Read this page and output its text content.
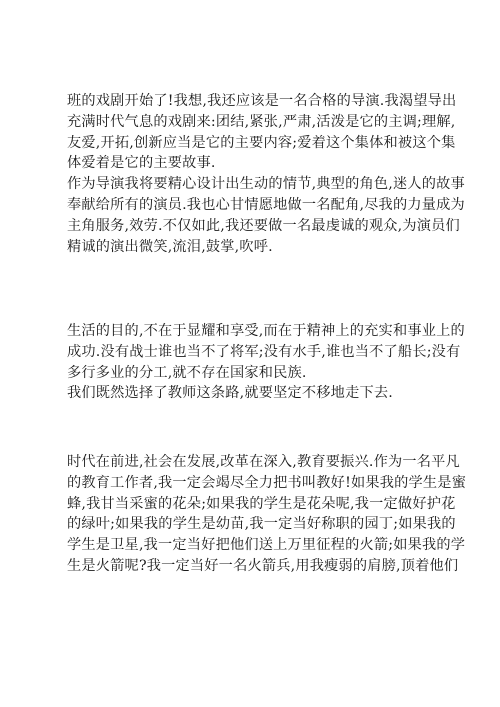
班的戏剧开始了!我想,我还应该是一名合格的导演.我渴望导出
充满时代气息的戏剧来:团结,紧张,严肃,活泼是它的主调;理解,
友爱,开拓,创新应当是它的主要内容;爱着这个集体和被这个集
体爱着是它的主要故事.
作为导演我将要精心设计出生动的情节,典型的角色,迷人的故事
奉献给所有的演员.我也心甘情愿地做一名配角,尽我的力量成为
主角服务,效劳.不仅如此,我还要做一名最虔诚的观众,为演员们
精诚的演出微笑,流泪,鼓掌,吹呼.
生活的目的,不在于显耀和享受,而在于精神上的充实和事业上的
成功.没有战士谁也当不了将军;没有水手,谁也当不了船长;没有
多行多业的分工,就不存在国家和民族.
我们既然选择了教师这条路,就要坚定不移地走下去.
时代在前进,社会在发展,改革在深入,教育要振兴.作为一名平凡
的教育工作者,我一定会竭尽全力把书叫教好!如果我的学生是蜜
蜂,我甘当采蜜的花朵;如果我的学生是花朵呢,我一定做好护花
的绿叶;如果我的学生是幼苗,我一定当好称职的园丁;如果我的
学生是卫星,我一定当好把他们送上万里征程的火箭;如果我的学
生是火箭呢?我一定当好一名火箭兵,用我瘦弱的肩膀,顶着他们
